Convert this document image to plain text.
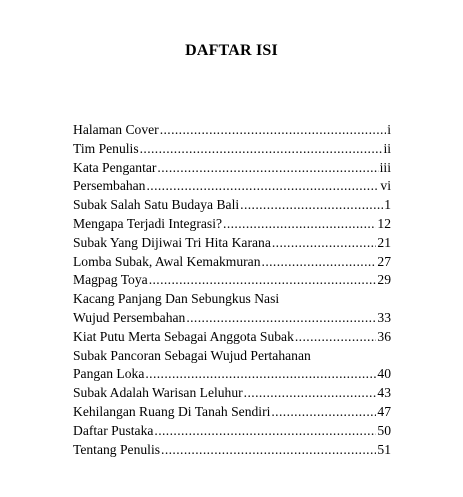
DAFTAR ISI
Halaman Cover .....	i
Tim Penulis .....	ii
Kata Pengantar .....	iii
Persembahan .....	vi
Subak Salah Satu Budaya Bali .....	1
Mengapa Terjadi Integrasi? .....	12
Subak Yang Dijiwai Tri Hita Karana .....	21
Lomba Subak, Awal Kemakmuran .....	27
Magpag Toya .....	29
Kacang Panjang Dan Sebungkus Nasi
Wujud Persembahan .....	33
Kiat Putu Merta Sebagai Anggota Subak .....	36
Subak Pancoran Sebagai Wujud Pertahanan
Pangan Loka .....	40
Subak Adalah Warisan Leluhur .....	43
Kehilangan Ruang Di Tanah Sendiri .....	47
Daftar Pustaka .....	50
Tentang Penulis .....	51
